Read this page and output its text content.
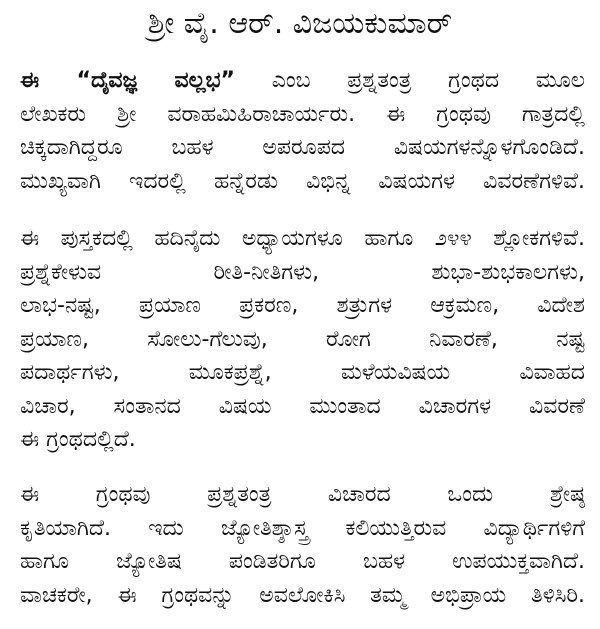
ಶ್ರೀ ವೈ. ಆರ್. ವಿಜಯಕುಮಾರ್
ಈ “ದೈವಜ್ಞ ವಲ್ಲಭ” ಎಂಬ ಪ್ರಶ್ನತಂತ್ರ ಗ್ರಂಥದ ಮೂಲ
ಲೇಖಕರು ಶ್ರೀ ವರಾಹಮಿಹಿರಾಚಾರ್ಯರು. ಈ ಗ್ರಂಥವು ಗಾತ್ರದಲ್ಲಿ
ಚಿಕ್ಕದಾಗಿದ್ದರೂ ಬಹಳ ಅಪರೂಪದ ವಿಷಯಗಳನ್ನೊಳಗೊಂಡಿದೆ.
ಮುಖ್ಯವಾಗಿ ಇದರಲ್ಲಿ ಹನ್ನೆರಡು ವಿಭಿನ್ನ ವಿಷಯಗಳ ವಿವರಣೆಗಳಿವೆ.
ಈ ಪುಸ್ತಕದಲ್ಲಿ ಹದಿನೈದು ಅಧ್ಯಾಯಗಳೂ ಹಾಗೂ ೨೪೪ ಶ್ಲೋಕಗಳಿವೆ.
ಪ್ರಶ್ನೆಕೇಳುವ ರೀತಿ-ನೀತಿಗಳು, ಶುಭಾ-ಶುಭಕಾಲಗಳು,
ಲಾಭ-ನಷ್ಟ, ಪ್ರಯಾಣ ಪ್ರಕರಣ, ಶತ್ರುಗಳ ಆಕ್ರಮಣ, ವಿದೇಶ
ಪ್ರಯಾಣ, ಸೋಲು-ಗೆಲುವು, ರೋಗ ನಿವಾರಣೆ, ನಷ್ಟ
ಪದಾರ್ಥಗಳು, ಮೂಕಪ್ರಶ್ನೆ, ಮಳೆಯವಿಷಯ ವಿವಾಹದ
ವಿಚಾರ, ಸಂತಾನದ ವಿಷಯ ಮುಂತಾದ ವಿಚಾರಗಳ ವಿವರಣೆ
ಈ ಗ್ರಂಥದಲ್ಲಿದೆ.
ಈ ಗ್ರಂಥವು ಪ್ರಶ್ನತಂತ್ರ ವಿಚಾರದ ಒಂದು ಶ್ರೇಷ್ಠ
ಕೃತಿಯಾಗಿದೆ. ಇದು ಜ್ಯೋತಿಶ್ಶಾಸ್ತ್ರ ಕಲಿಯುತ್ತಿರುವ ವಿದ್ಯಾರ್ಥಿಗಳಿಗೆ
ಹಾಗೂ ಜ್ಯೋತಿಷ ಪಂಡಿತರಿಗೂ ಬಹಳ ಉಪಯುಕ್ತವಾಗಿದೆ.
ವಾಚಕರೇ, ಈ ಗ್ರಂಥವನ್ನು ಅವಲೋಕಿಸಿ ತಮ್ಮ ಅಭಿಪ್ರಾಯ ತಿಳಿಸಿರಿ.
